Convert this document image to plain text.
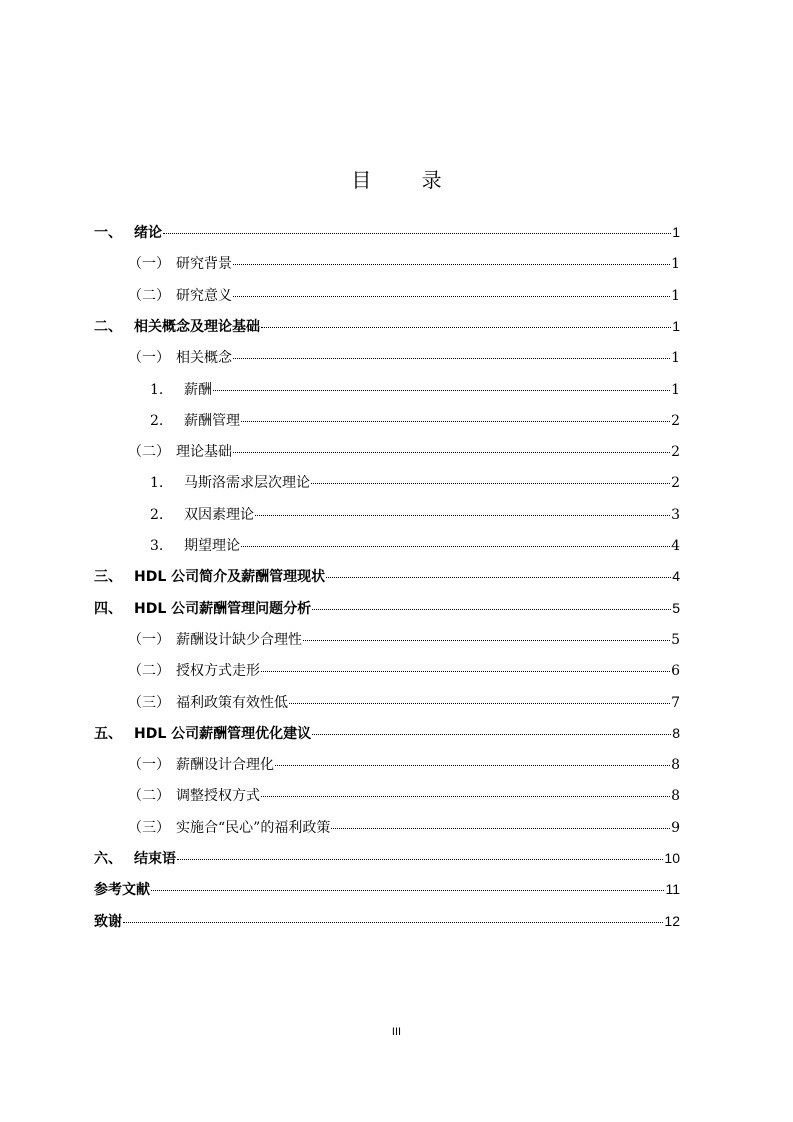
目 录
一、 绪论	1
（一） 研究背景	1
（二） 研究意义	1
二、 相关概念及理论基础	1
（一） 相关概念	1
1.	薪酬	1
2.	薪酬管理	2
（二） 理论基础	2
1.	马斯洛需求层次理论	2
2.	双因素理论	3
3.	期望理论	4
三、 HDL 公司简介及薪酬管理现状	4
四、 HDL 公司薪酬管理问题分析	5
（一） 薪酬设计缺少合理性	5
（二） 授权方式走形	6
（三） 福利政策有效性低	7
五、 HDL 公司薪酬管理优化建议	8
（一） 薪酬设计合理化	8
（二） 调整授权方式	8
（三） 实施合“民心”的福利政策	9
六、 结束语	10
参考文献	11
致谢	12
III
